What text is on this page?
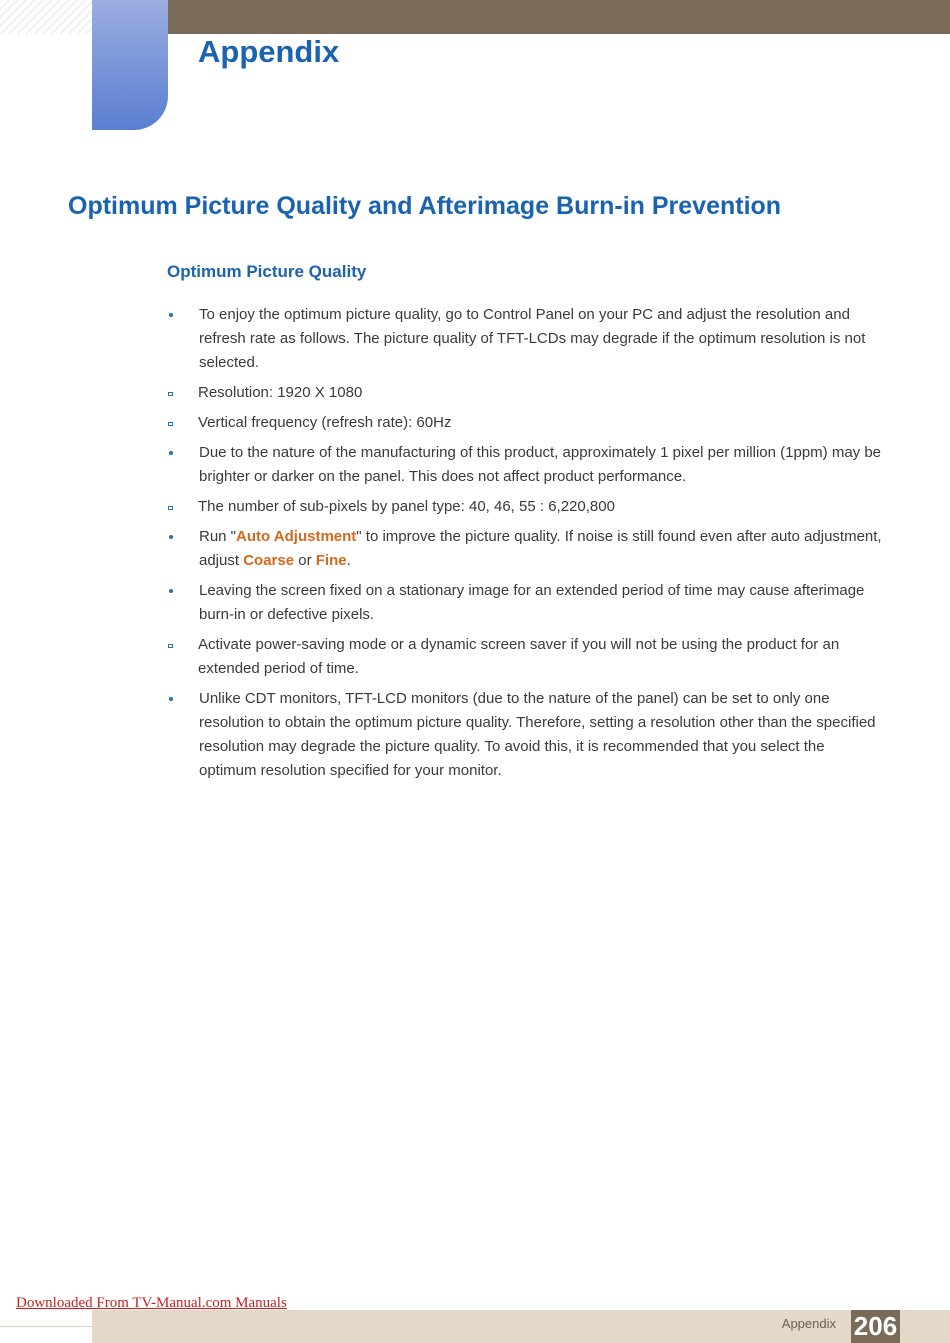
Appendix
Optimum Picture Quality and Afterimage Burn-in Prevention
Optimum Picture Quality
To enjoy the optimum picture quality, go to Control Panel on your PC and adjust the resolution and refresh rate as follows. The picture quality of TFT-LCDs may degrade if the optimum resolution is not selected.
Resolution: 1920 X 1080
Vertical frequency (refresh rate): 60Hz
Due to the nature of the manufacturing of this product, approximately 1 pixel per million (1ppm) may be brighter or darker on the panel. This does not affect product performance.
The number of sub-pixels by panel type: 40, 46, 55 : 6,220,800
Run "Auto Adjustment" to improve the picture quality. If noise is still found even after auto adjustment, adjust Coarse or Fine.
Leaving the screen fixed on a stationary image for an extended period of time may cause afterimage burn-in or defective pixels.
Activate power-saving mode or a dynamic screen saver if you will not be using the product for an extended period of time.
Unlike CDT monitors, TFT-LCD monitors (due to the nature of the panel) can be set to only one resolution to obtain the optimum picture quality. Therefore, setting a resolution other than the specified resolution may degrade the picture quality. To avoid this, it is recommended that you select the optimum resolution specified for your monitor.
Downloaded From TV-Manual.com Manuals
Appendix 206
